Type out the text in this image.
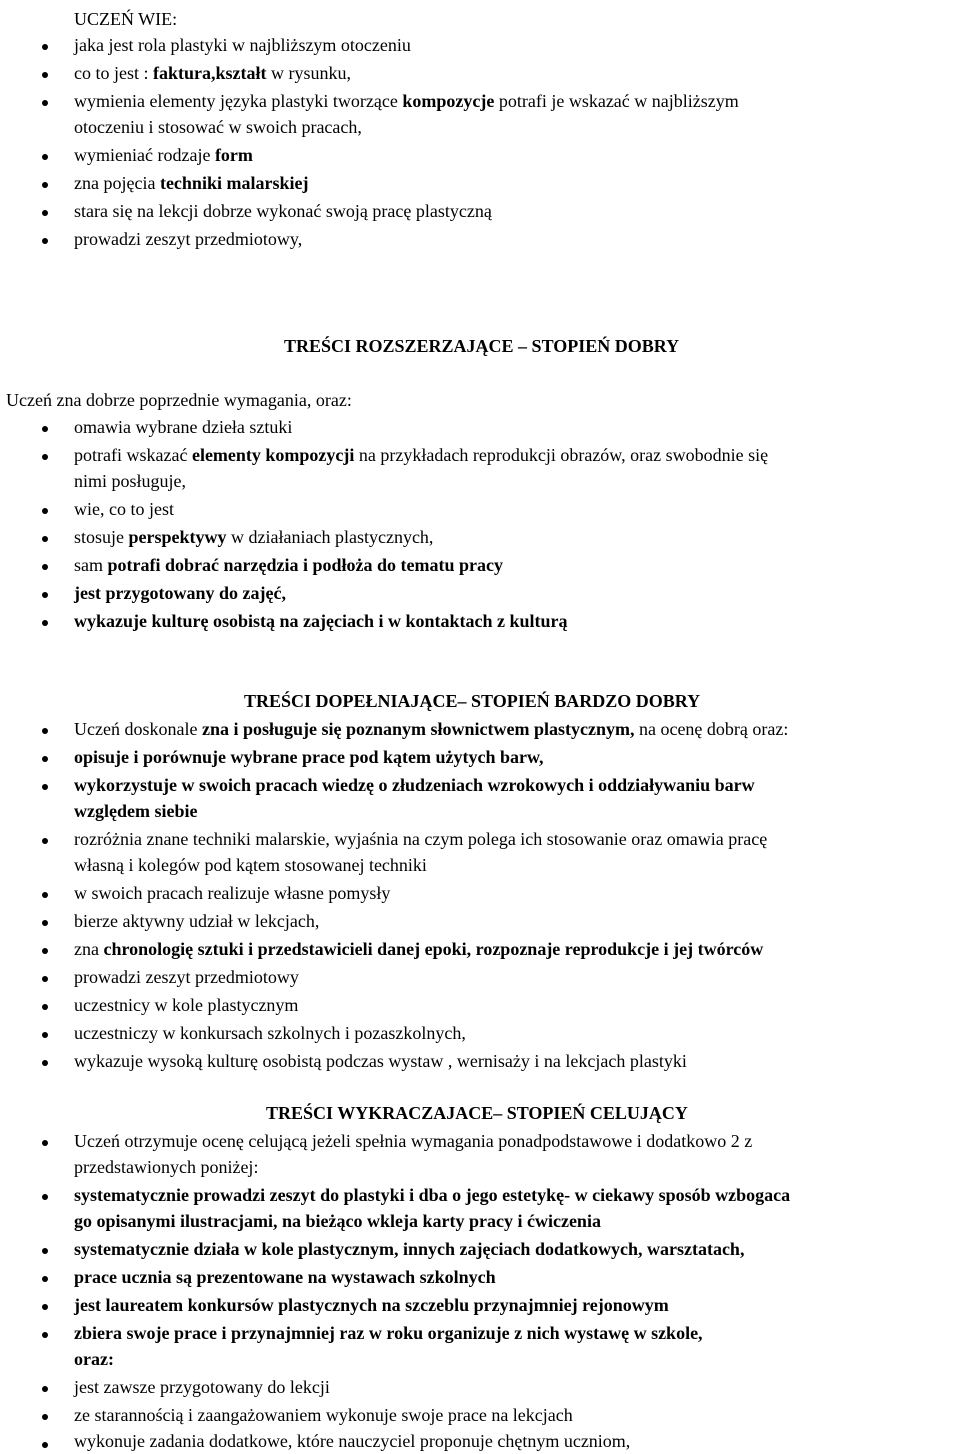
UCZEŃ WIE:
jaka jest rola plastyki w najbliższym otoczeniu
co to jest : faktura,kształt w rysunku,
wymienia elementy języka plastyki tworzące kompozycje potrafi je wskazać w najbliższym
otoczeniu i stosować w swoich pracach,
wymieniać rodzaje form
zna pojęcia techniki malarskiej
stara się na lekcji dobrze wykonać swoją pracę plastyczną
prowadzi zeszyt przedmiotowy,
TREŚCI ROZSZERZAJĄCE – STOPIEŃ DOBRY
Uczeń zna dobrze poprzednie wymagania, oraz:
omawia wybrane dzieła sztuki
potrafi wskazać elementy kompozycji na przykładach reprodukcji obrazów, oraz swobodnie się
nimi posługuje,
wie, co to jest
stosuje perspektywy w działaniach plastycznych,
sam potrafi dobrać narzędzia i podłoża do tematu pracy
jest przygotowany do zajęć,
wykazuje kulturę osobistą na zajęciach i w kontaktach z kulturą
TREŚCI DOPEŁNIAJĄCE– STOPIEŃ BARDZO DOBRY
Uczeń doskonale zna i posługuje się poznanym słownictwem plastycznym, na ocenę dobrą oraz:
opisuje i porównuje wybrane prace pod kątem użytych barw,
wykorzystuje w swoich pracach wiedzę o złudzeniach wzrokowych i oddziaływaniu barw
względem siebie
rozróżnia znane techniki malarskie, wyjaśnia na czym polega ich stosowanie oraz omawia pracę
własną i kolegów pod kątem stosowanej techniki
w swoich pracach realizuje własne pomysły
bierze aktywny udział w lekcjach,
zna chronologię sztuki i przedstawicieli danej epoki, rozpoznaje reprodukcje i jej twórców
prowadzi zeszyt przedmiotowy
uczestnicy w kole plastycznym
uczestniczy w konkursach szkolnych i pozaszkolnych,
wykazuje wysoką kulturę osobistą podczas wystaw , wernisaży i na lekcjach plastyki
TREŚCI WYKRACZAJACE– STOPIEŃ CELUJĄCY
Uczeń otrzymuje ocenę celującą jeżeli spełnia wymagania ponadpodstawowe i dodatkowo 2 z
przedstawionych poniżej:
systematycznie prowadzi zeszyt do plastyki i dba o jego estetykę- w ciekawy sposób wzbogaca
go opisanymi ilustracjami, na bieżąco wkleja karty pracy i ćwiczenia
systematycznie działa w kole plastycznym, innych zajęciach dodatkowych, warsztatach,
prace ucznia są prezentowane na wystawach szkolnych
jest laureatem konkursów plastycznych na szczeblu przynajmniej rejonowym
zbiera swoje prace i przynajmniej raz w roku organizuje z nich wystawę w szkole,
oraz:
jest zawsze przygotowany do lekcji
ze starannością i zaangażowaniem wykonuje swoje prace na lekcjach
wykonuje zadania dodatkowe, które nauczyciel proponuje chętnym uczniom,
